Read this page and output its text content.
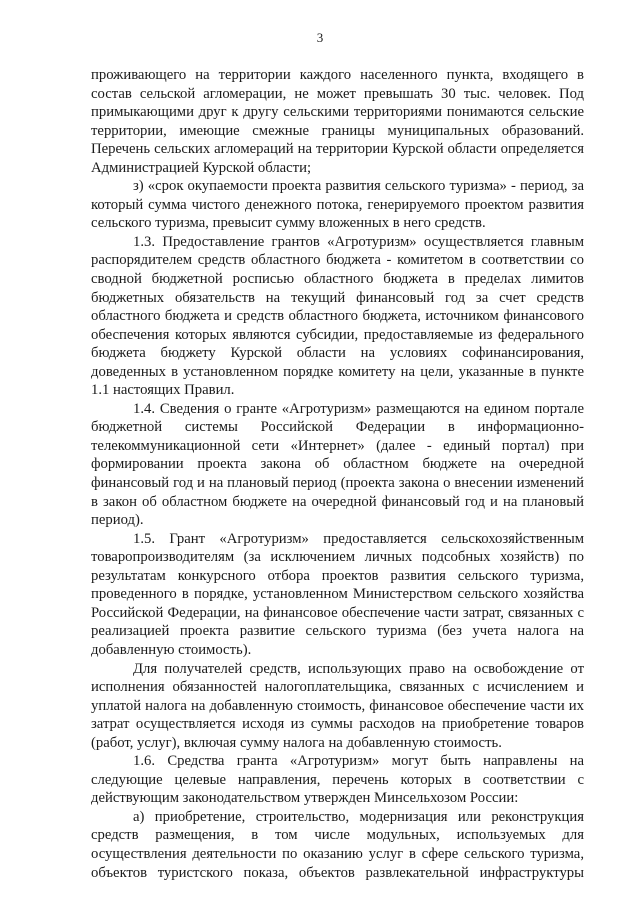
3

проживающего на территории каждого населенного пункта, входящего в состав сельской агломерации, не может превышать 30 тыс. человек. Под примыкающими друг к другу сельскими территориями понимаются сельские территории, имеющие смежные границы муниципальных образований. Перечень сельских агломераций на территории Курской области определяется Администрацией Курской области;

з) «срок окупаемости проекта развития сельского туризма» - период, за который сумма чистого денежного потока, генерируемого проектом развития сельского туризма, превысит сумму вложенных в него средств.

1.3. Предоставление грантов «Агротуризм» осуществляется главным распорядителем средств областного бюджета - комитетом в соответствии со сводной бюджетной росписью областного бюджета в пределах лимитов бюджетных обязательств на текущий финансовый год за счет средств областного бюджета и средств областного бюджета, источником финансового обеспечения которых являются субсидии, предоставляемые из федерального бюджета бюджету Курской области на условиях софинансирования, доведенных в установленном порядке комитету на цели, указанные в пункте 1.1 настоящих Правил.

1.4. Сведения о гранте «Агротуризм» размещаются на едином портале бюджетной системы Российской Федерации в информационно-телекоммуникационной сети «Интернет» (далее - единый портал) при формировании проекта закона об областном бюджете на очередной финансовый год и на плановый период (проекта закона о внесении изменений в закон об областном бюджете на очередной финансовый год и на плановый период).

1.5. Грант «Агротуризм» предоставляется сельскохозяйственным товаропроизводителям (за исключением личных подсобных хозяйств) по результатам конкурсного отбора проектов развития сельского туризма, проведенного в порядке, установленном Министерством сельского хозяйства Российской Федерации, на финансовое обеспечение части затрат, связанных с реализацией проекта развитие сельского туризма (без учета налога на добавленную стоимость).

Для получателей средств, использующих право на освобождение от исполнения обязанностей налогоплательщика, связанных с исчислением и уплатой налога на добавленную стоимость, финансовое обеспечение части их затрат осуществляется исходя из суммы расходов на приобретение товаров (работ, услуг), включая сумму налога на добавленную стоимость.

1.6. Средства гранта «Агротуризм» могут быть направлены на следующие целевые направления, перечень которых в соответствии с действующим законодательством утвержден Минсельхозом России:

а) приобретение, строительство, модернизация или реконструкция средств размещения, в том числе модульных, используемых для осуществления деятельности по оказанию услуг в сфере сельского туризма, объектов туристского показа, объектов развлекательной инфраструктуры
